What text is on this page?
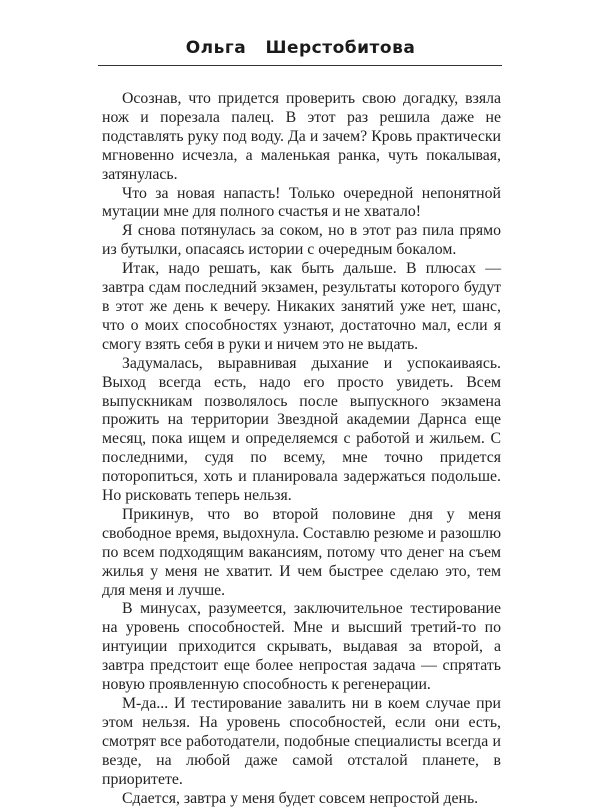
Ольга   Шерстобитова

Осознав, что придется проверить свою догадку, взяла нож и порезала палец. В этот раз решила даже не подставлять руку под воду. Да и зачем? Кровь практически мгновенно исчезла, а маленькая ранка, чуть покалывая, затянулась.

Что за новая напасть! Только очередной непонятной мутации мне для полного счастья и не хватало!

Я снова потянулась за соком, но в этот раз пила прямо из бутылки, опасаясь истории с очередным бокалом.

Итак, надо решать, как быть дальше. В плюсах — завтра сдам последний экзамен, результаты которого будут в этот же день к вечеру. Никаких занятий уже нет, шанс, что о моих способностях узнают, достаточно мал, если я смогу взять себя в руки и ничем это не выдать.

Задумалась, выравнивая дыхание и успокаиваясь. Выход всегда есть, надо его просто увидеть. Всем выпускникам позволялось после выпускного экзамена прожить на территории Звездной академии Дарнса еще месяц, пока ищем и определяемся с работой и жильем. С последними, судя по всему, мне точно придется поторопиться, хоть и планировала задержаться подольше. Но рисковать теперь нельзя.

Прикинув, что во второй половине дня у меня свободное время, выдохнула. Составлю резюме и разошлю по всем подходящим вакансиям, потому что денег на съем жилья у меня не хватит. И чем быстрее сделаю это, тем для меня и лучше.

В минусах, разумеется, заключительное тестирование на уровень способностей. Мне и высший третий-то по интуиции приходится скрывать, выдавая за второй, а завтра предстоит еще более непростая задача — спрятать новую проявленную способность к регенерации.

М-да... И тестирование завалить ни в коем случае при этом нельзя. На уровень способностей, если они есть, смотрят все работодатели, подобные специалисты всегда и везде, на любой даже самой отсталой планете, в приоритете.

Сдается, завтра у меня будет совсем непростой день.
